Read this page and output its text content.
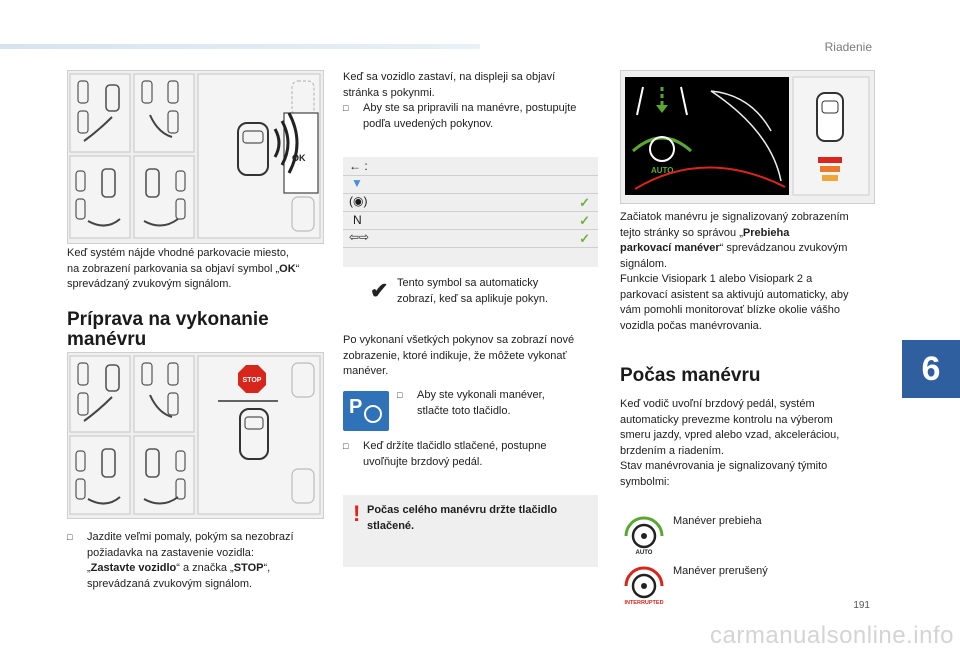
Riadenie
6
191
carmanualsonline.info
OK
Keď systém nájde vhodné parkovacie miesto,
na zobrazení parkovania sa objaví symbol „OK“
sprevádzaný zvukovým signálom.
Príprava na vykonanie
manévru
STOP
□ Jazdite veľmi pomaly, pokým sa nezobrazí
požiadavka na zastavenie vozidla:
„Zastavte vozidlo“ a značka „STOP“,
sprevádzaná zvukovým signálom.
Keď sa vozidlo zastaví, na displeji sa objaví
stránka s pokynmi.
□ Aby ste sa pripravili na manévre, postupujte
podľa uvedených pokynov.
← :
▼
(◉)	✓
N	✓
⇦⇨	✓
✔ Tento symbol sa automaticky
zobrazí, keď sa aplikuje pokyn.
Po vykonaní všetkých pokynov sa zobrazí nové
zobrazenie, ktoré indikuje, že môžete vykonať
manéver.
P
□ Aby ste vykonali manéver,
stlačte toto tlačidlo.
□ Keď držíte tlačidlo stlačené, postupne
uvoľňujte brzdový pedál.
! Počas celého manévru držte tlačidlo
stlačené.
AUTO
Začiatok manévru je signalizovaný zobrazením
tejto stránky so správou „Prebieha
parkovací manéver“ sprevádzanou zvukovým
signálom.
Funkcie Visiopark 1 alebo Visiopark 2 a
parkovací asistent sa aktivujú automaticky, aby
vám pomohli monitorovať blízke okolie vášho
vozidla počas manévrovania.
Počas manévru
Keď vodič uvoľní brzdový pedál, systém
automaticky prevezme kontrolu na výberom
smeru jazdy, vpred alebo vzad, akceleráciou,
brzdením a riadením.
Stav manévrovania je signalizovaný týmito
symbolmi:
AUTO
Manéver prebieha
INTERRUPTED
Manéver prerušený
